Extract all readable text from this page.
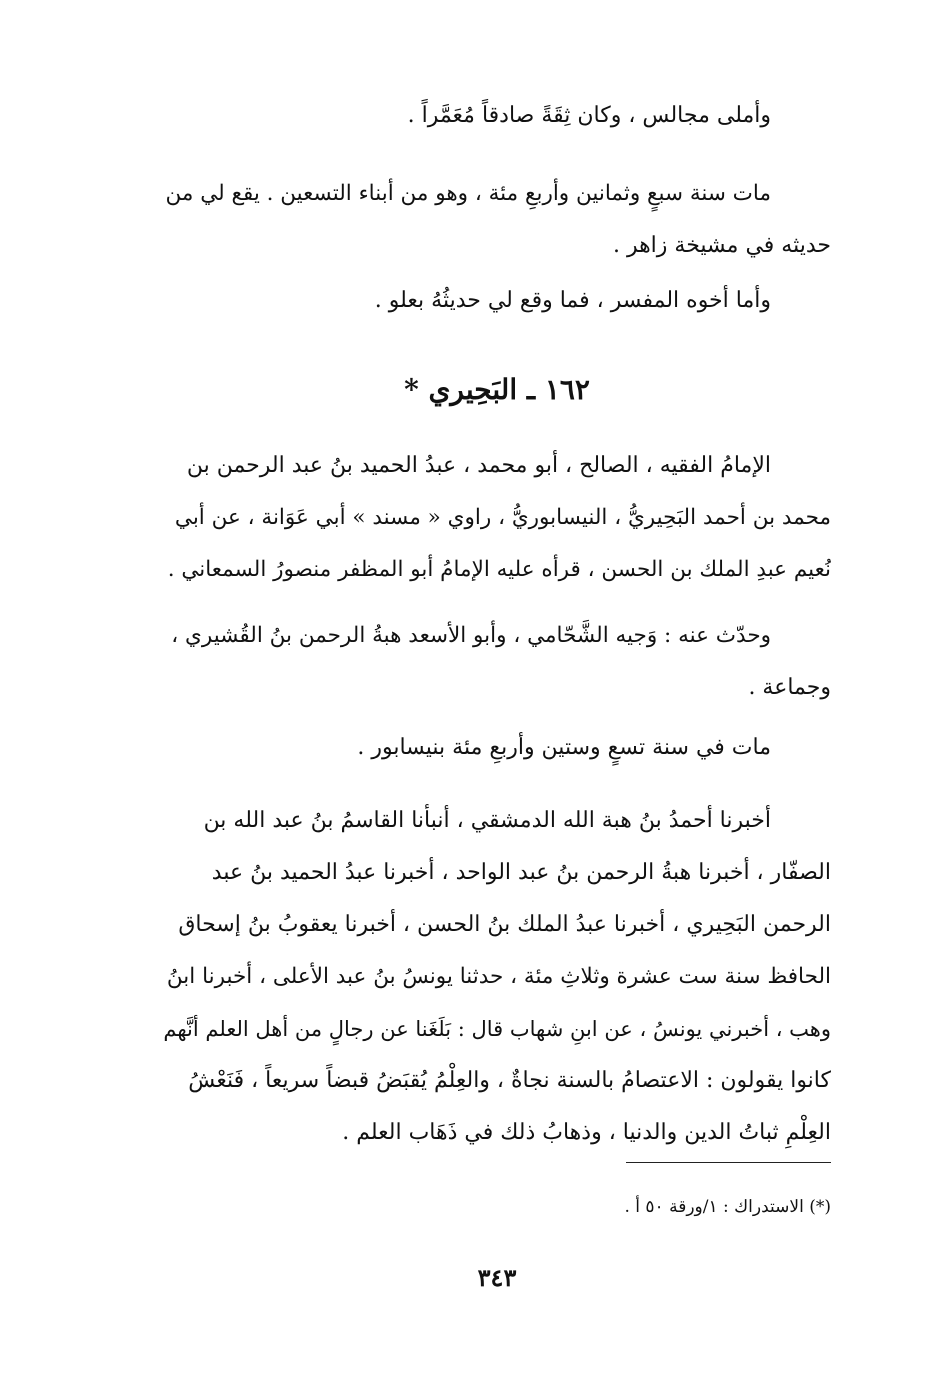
وأملى مجالس ، وكان ثِقَةً صادقاً مُعَمَّراً .

مات سنة سبعٍ وثمانين وأربعِ مئة ، وهو من أبناء التسعين . يقع لي من
حديثه في مشيخة زاهر .

وأما أخوه المفسر ، فما وقع لي حديثُهُ بعلو .

١٦٢ ـ البَحِيري *

الإمامُ الفقيه ، الصالح ، أبو محمد ، عبدُ الحميد بنُ عبد الرحمن بن
محمد بن أحمد البَحِيريُّ ، النيسابوريُّ ، راوي « مسند » أبي عَوَانة ، عن أبي
نُعيم عبدِ الملك بن الحسن ، قرأه عليه الإمامُ أبو المظفر منصورُ السمعاني .

وحدّث عنه : وَجيه الشَّحّامي ، وأبو الأسعد هبةُ الرحمن بنُ القُشيري ،
وجماعة .

مات في سنة تسعٍ وستين وأربعِ مئة بنيسابور .

أخبرنا أحمدُ بنُ هبة الله الدمشقي ، أنبأنا القاسمُ بنُ عبد الله بن
الصفّار ، أخبرنا هبةُ الرحمن بنُ عبد الواحد ، أخبرنا عبدُ الحميد بنُ عبد
الرحمن البَحِيري ، أخبرنا عبدُ الملك بنُ الحسن ، أخبرنا يعقوبُ بنُ إسحاق
الحافظ سنة ست عشرة وثلاثِ مئة ، حدثنا يونسُ بنُ عبد الأعلى ، أخبرنا ابنُ
وهب ، أخبرني يونسُ ، عن ابنِ شهاب قال : بَلَغَنا عن رجالٍ من أهل العلم أنَّهم
كانوا يقولون : الاعتصامُ بالسنة نجاةٌ ، والعِلْمُ يُقبَضُ قبضاً سريعاً ، فَنَعْشُ
العِلْمِ ثباتُ الدين والدنيا ، وذهابُ ذلك في ذَهَاب العلم .

(*) الاستدراك : ١/ورقة ٥٠ أ .
٣٤٣
